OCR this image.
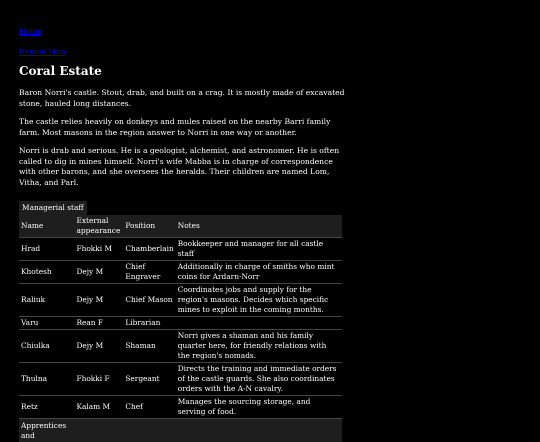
Home
Region Map
Coral Estate

Baron Norri's castle. Stout, drab, and built on a crag. It is mostly made of excavated stone, hauled long distances.

The castle relies heavily on donkeys and mules raised on the nearby Barri family farm. Most masons in the region answer to Norri in one way or another.

Norri is drab and serious. He is a geologist, alchemist, and astronomer. He is often called to dig in mines himself. Norri's wife Mabba is in charge of correspondence with other barons, and she oversees the heralds. Their children are named Lom, Vitha, and Parl.

Managerial staff
Name	External appearance	Position	Notes
Hrad	Fhokki M	Chamberlain	Bookkeeper and manager for all castle staff
Khotesh	Dejy M	Chief Engraver	Additionally in charge of smiths who mint coins for Ardarn-Norr
Raliuk	Dejy M	Chief Mason	Coordinates jobs and supply for the region's masons. Decides which specific mines to exploit in the coming months.
Varu	Rean F	Librarian	
Chiulka	Dejy M	Shaman	Norri gives a shaman and his family quarter here, for friendly relations with the region's nomads.
Thulna	Fhokki F	Sergeant	Directs the training and immediate orders of the castle guards. She also coordinates orders with the A-N cavalry.
Retz	Kalam M	Chef	Manages the sourcing storage, and serving of food.
Apprentices and			
